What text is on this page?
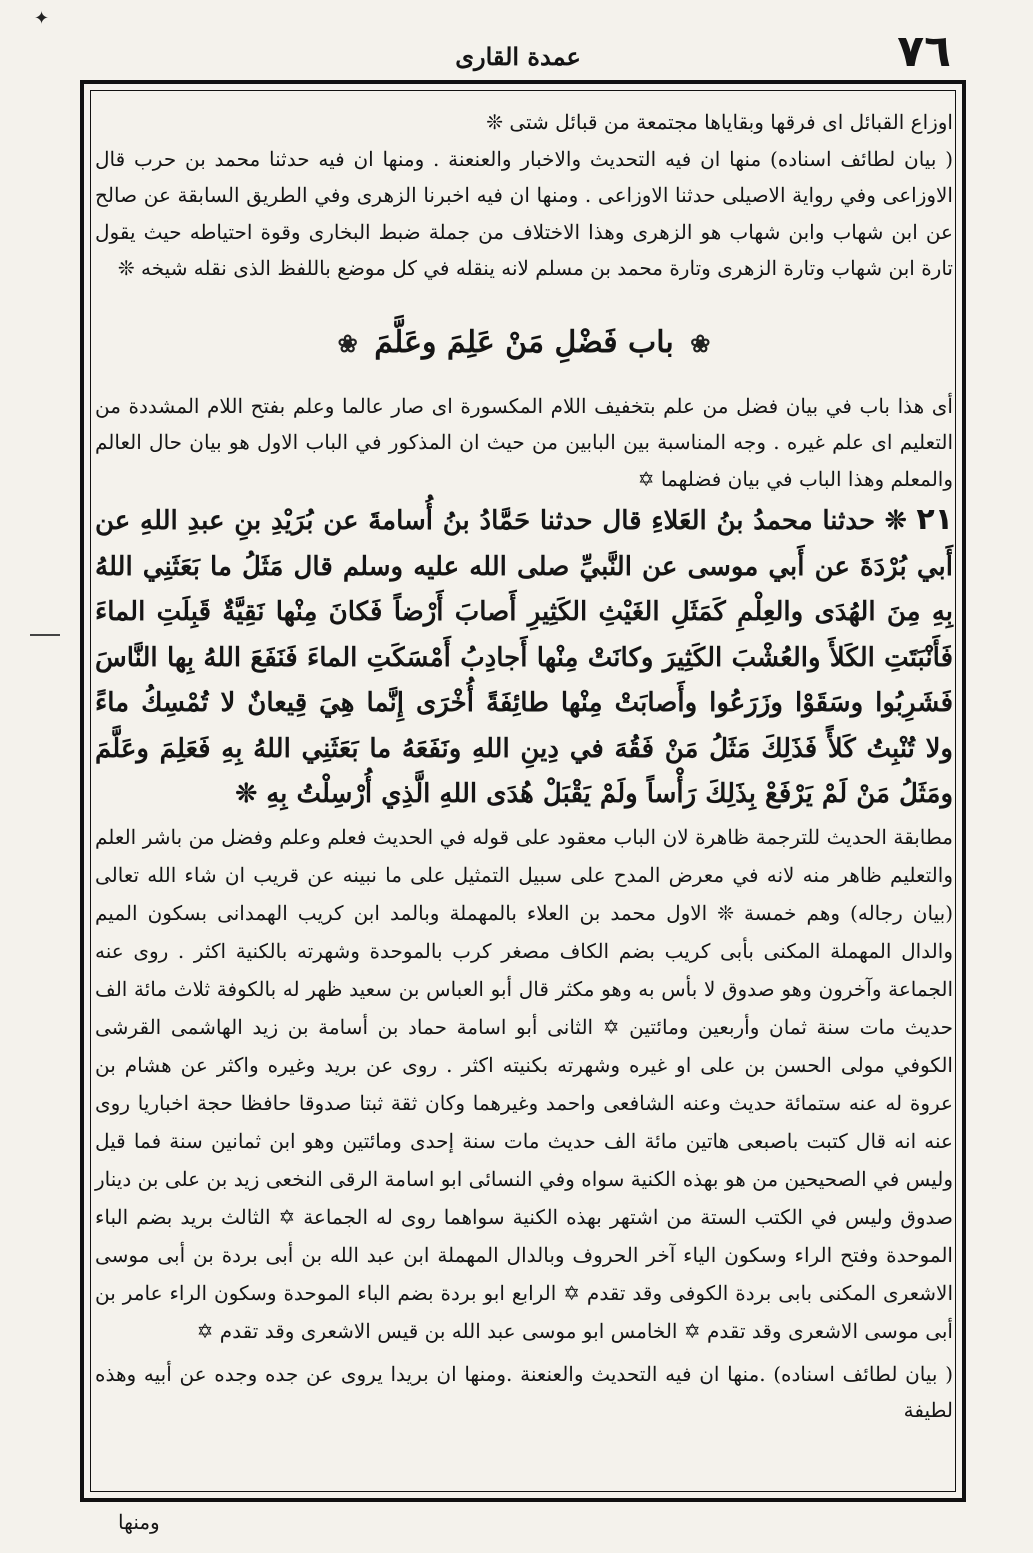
✦
٧٦
عمدة القارى

اوزاع القبائل اى فرقها وبقاياها مجتمعة من قبائل شتى ❊

( بيان لطائف اسناده) منها ان فيه التحديث والاخبار والعنعنة . ومنها ان فيه حدثنا محمد بن حرب قال الاوزاعى وفي رواية الاصيلى حدثنا الاوزاعى . ومنها ان فيه اخبرنا الزهرى وفي الطريق السابقة عن صالح عن ابن شهاب وابن شهاب هو الزهرى وهذا الاختلاف من جملة ضبط البخارى وقوة احتياطه حيث يقول تارة ابن شهاب وتارة الزهرى وتارة محمد بن مسلم لانه ينقله في كل موضع باللفظ الذى نقله شيخه ❊

❀ باب فَضْلِ مَنْ عَلِمَ وعَلَّمَ ❀

أى هذا باب في بيان فضل من علم بتخفيف اللام المكسورة اى صار عالما وعلم بفتح اللام المشددة من التعليم اى علم غيره . وجه المناسبة بين البابين من حيث ان المذكور في الباب الاول هو بيان حال العالم والمعلم وهذا الباب في بيان فضلهما ✡

٢١ ❊ حدثنا محمدُ بنُ العَلاءِ قال حدثنا حَمَّادُ بنُ أُسامةَ عن بُرَيْدِ بنِ عبدِ اللهِ عن أَبي بُرْدَةَ عن أَبي موسى عن النَّبيِّ صلى الله عليه وسلم قال مَثَلُ ما بَعَثَنِي اللهُ بِهِ مِنَ الهُدَى والعِلْمِ كَمَثَلِ الغَيْثِ الكَثِيرِ أَصابَ أَرْضاً فَكانَ مِنْها نَقِيَّةٌ قَبِلَتِ الماءَ فَأَنْبَتَتِ الكَلأَ والعُشْبَ الكَثِيرَ وكانَتْ مِنْها أَجادِبُ أَمْسَكَتِ الماءَ فَنَفَعَ اللهُ بِها النَّاسَ فَشَرِبُوا وسَقَوْا وزَرَعُوا وأَصابَتْ مِنْها طائِفَةً أُخْرَى إِنَّما هِيَ قِيعانٌ لا تُمْسِكُ ماءً ولا تُنْبِتُ كَلأً فَذَلِكَ مَثَلُ مَنْ فَقُهَ في دِينِ اللهِ ونَفَعَهُ ما بَعَثَنِي اللهُ بِهِ فَعَلِمَ وعَلَّمَ ومَثَلُ مَنْ لَمْ يَرْفَعْ بِذَلِكَ رَأْساً ولَمْ يَقْبَلْ هُدَى اللهِ الَّذِي أُرْسِلْتُ بِهِ ❊

مطابقة الحديث للترجمة ظاهرة لان الباب معقود على قوله في الحديث فعلم وعلم وفضل من باشر العلم والتعليم ظاهر منه لانه في معرض المدح على سبيل التمثيل على ما نبينه عن قريب ان شاء الله تعالى (بيان رجاله) وهم خمسة ❊ الاول محمد بن العلاء بالمهملة وبالمد ابن كريب الهمدانى بسكون الميم والدال المهملة المكنى بأبى كريب بضم الكاف مصغر كرب بالموحدة وشهرته بالكنية اكثر . روى عنه الجماعة وآخرون وهو صدوق لا بأس به وهو مكثر قال أبو العباس بن سعيد ظهر له بالكوفة ثلاث مائة الف حديث مات سنة ثمان وأربعين ومائتين ✡ الثانى أبو اسامة حماد بن أسامة بن زيد الهاشمى القرشى الكوفي مولى الحسن بن على او غيره وشهرته بكنيته اكثر . روى عن بريد وغيره واكثر عن هشام بن عروة له عنه ستمائة حديث وعنه الشافعى واحمد وغيرهما وكان ثقة ثبتا صدوقا حافظا حجة اخباريا روى عنه انه قال كتبت باصبعى هاتين مائة الف حديث مات سنة إحدى ومائتين وهو ابن ثمانين سنة فما قيل وليس في الصحيحين من هو بهذه الكنية سواه وفي النسائى ابو اسامة الرقى النخعى زيد بن على بن دينار صدوق وليس في الكتب الستة من اشتهر بهذه الكنية سواهما روى له الجماعة ✡ الثالث بريد بضم الباء الموحدة وفتح الراء وسكون الياء آخر الحروف وبالدال المهملة ابن عبد الله بن أبى بردة بن أبى موسى الاشعرى المكنى بابى بردة الكوفى وقد تقدم ✡ الرابع ابو بردة بضم الباء الموحدة وسكون الراء عامر بن أبى موسى الاشعرى وقد تقدم ✡ الخامس ابو موسى عبد الله بن قيس الاشعرى وقد تقدم ✡

( بيان لطائف اسناده) .منها ان فيه التحديث والعنعنة .ومنها ان بريدا يروى عن جده وجده عن أبيه وهذه لطيفة

ومنها
